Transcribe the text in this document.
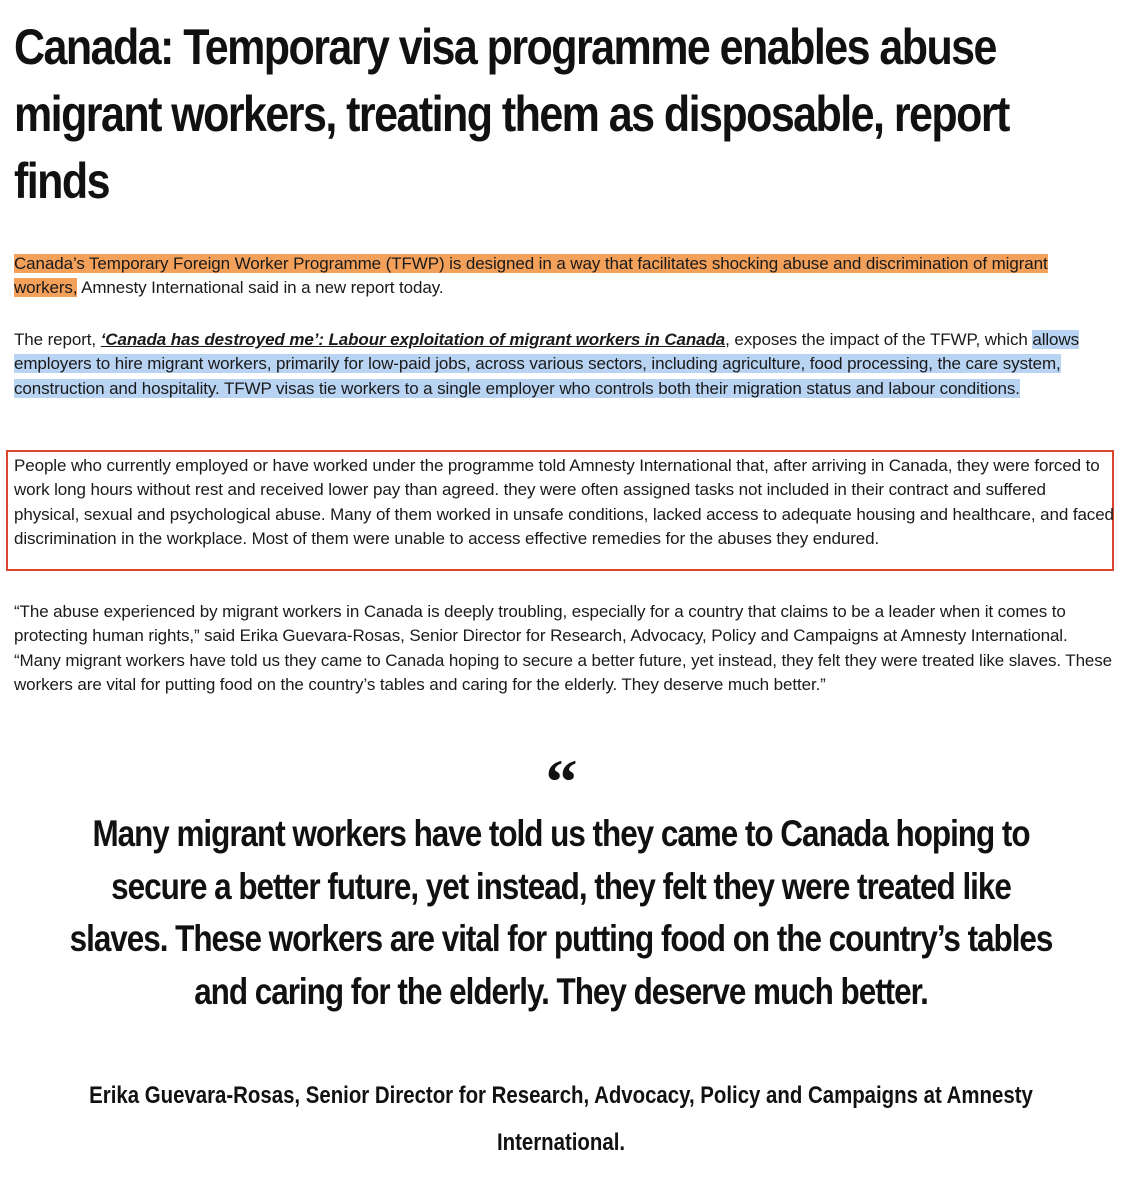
Canada: Temporary visa programme enables abuse migrant workers, treating them as disposable, report finds

Canada’s Temporary Foreign Worker Programme (TFWP) is designed in a way that facilitates shocking abuse and discrimination of migrant workers, Amnesty International said in a new report today.

The report, ‘Canada has destroyed me’: Labour exploitation of migrant workers in Canada, exposes the impact of the TFWP, which allows employers to hire migrant workers, primarily for low-paid jobs, across various sectors, including agriculture, food processing, the care system, construction and hospitality. TFWP visas tie workers to a single employer who controls both their migration status and labour conditions.

People who currently employed or have worked under the programme told Amnesty International that, after arriving in Canada, they were forced to work long hours without rest and received lower pay than agreed. they were often assigned tasks not included in their contract and suffered physical, sexual and psychological abuse. Many of them worked in unsafe conditions, lacked access to adequate housing and healthcare, and faced discrimination in the workplace. Most of them were unable to access effective remedies for the abuses they endured.

“The abuse experienced by migrant workers in Canada is deeply troubling, especially for a country that claims to be a leader when it comes to protecting human rights,” said Erika Guevara-Rosas, Senior Director for Research, Advocacy, Policy and Campaigns at Amnesty International. “Many migrant workers have told us they came to Canada hoping to secure a better future, yet instead, they felt they were treated like slaves. These workers are vital for putting food on the country’s tables and caring for the elderly. They deserve much better.”

“

Many migrant workers have told us they came to Canada hoping to secure a better future, yet instead, they felt they were treated like slaves. These workers are vital for putting food on the country’s tables and caring for the elderly. They deserve much better.

Erika Guevara-Rosas, Senior Director for Research, Advocacy, Policy and Campaigns at Amnesty International.
